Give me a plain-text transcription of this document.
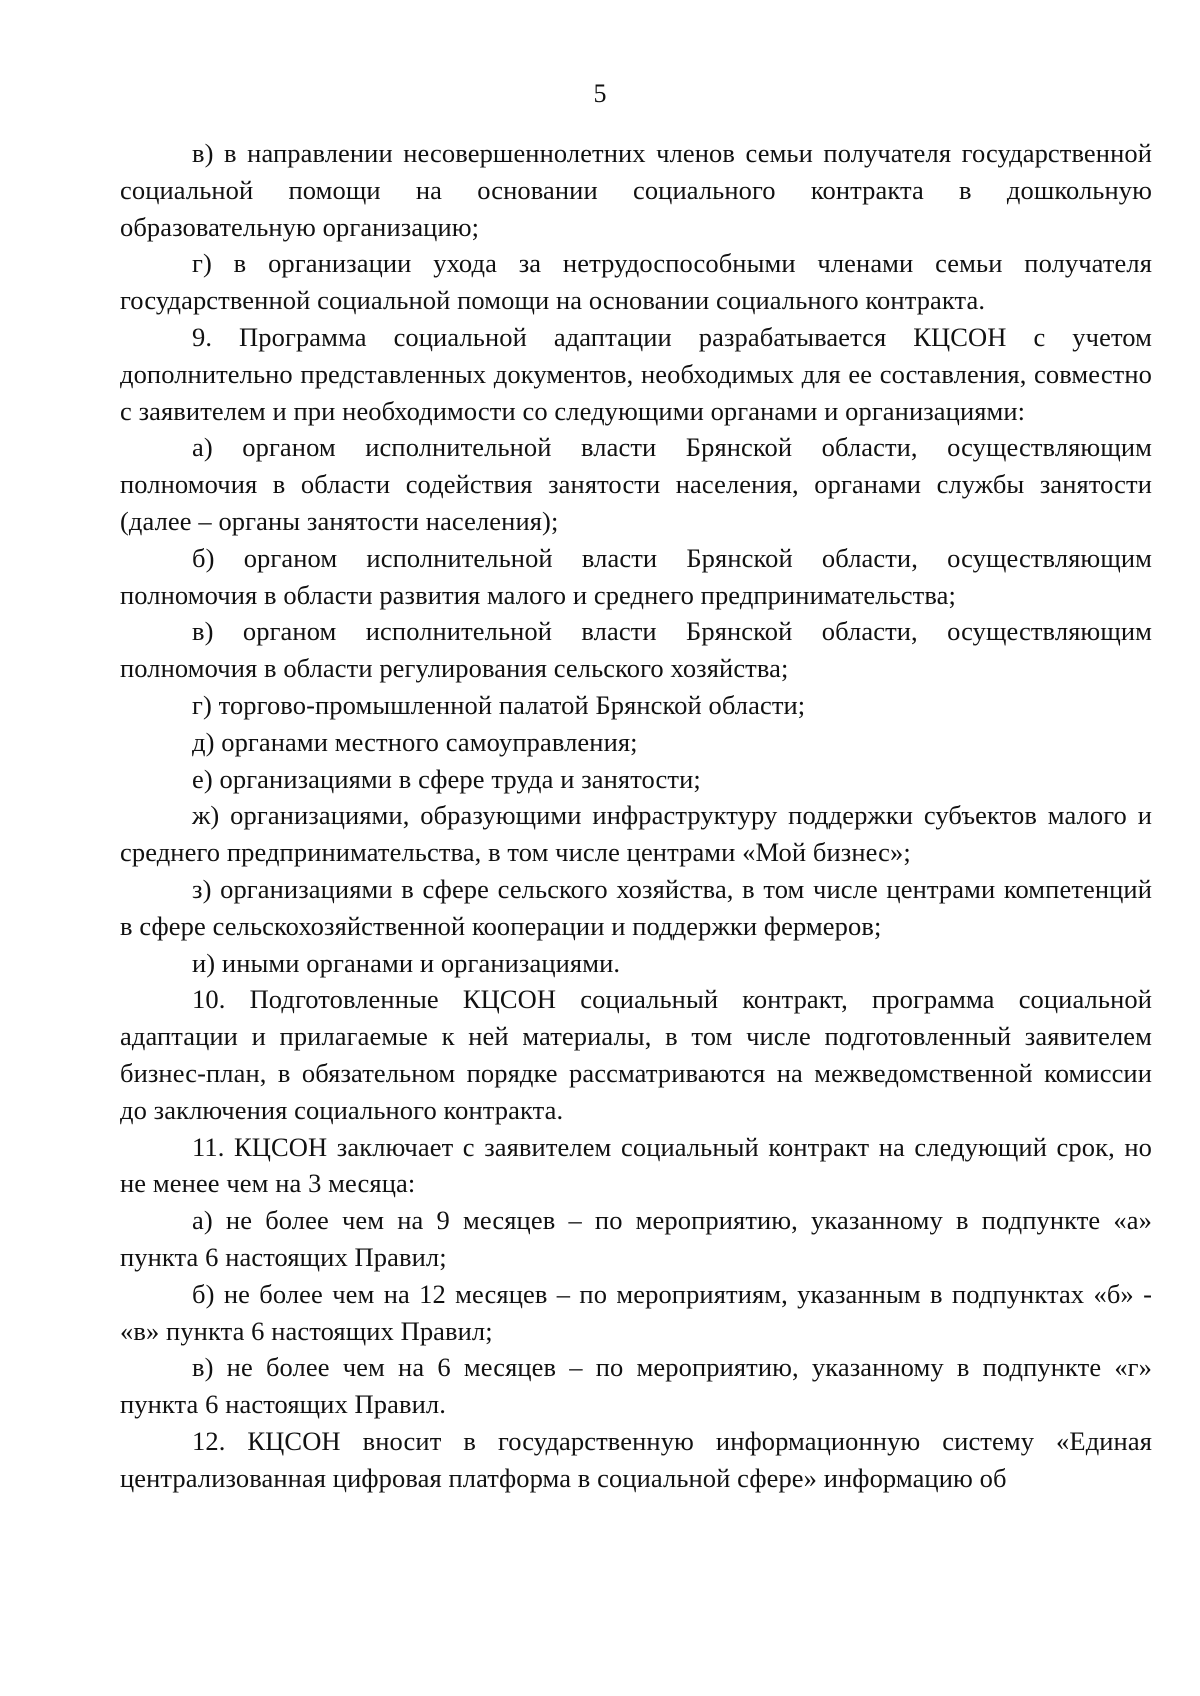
5

в) в направлении несовершеннолетних членов семьи получателя государственной социальной помощи на основании социального контракта в дошкольную образовательную организацию;

г) в организации ухода за нетрудоспособными членами семьи получателя государственной социальной помощи на основании социального контракта.

9. Программа социальной адаптации разрабатывается КЦСОН с учетом дополнительно представленных документов, необходимых для ее составления, совместно с заявителем и при необходимости со следующими органами и организациями:

а) органом исполнительной власти Брянской области, осуществляющим полномочия в области содействия занятости населения, органами службы занятости (далее – органы занятости населения);

б) органом исполнительной власти Брянской области, осуществляющим полномочия в области развития малого и среднего предпринимательства;

в) органом исполнительной власти Брянской области, осуществляющим полномочия в области регулирования сельского хозяйства;

г) торгово-промышленной палатой Брянской области;

д) органами местного самоуправления;

е) организациями в сфере труда и занятости;

ж) организациями, образующими инфраструктуру поддержки субъектов малого и среднего предпринимательства, в том числе центрами «Мой бизнес»;

з) организациями в сфере сельского хозяйства, в том числе центрами компетенций в сфере сельскохозяйственной кооперации и поддержки фермеров;

и) иными органами и организациями.

10. Подготовленные КЦСОН социальный контракт, программа социальной адаптации и прилагаемые к ней материалы, в том числе подготовленный заявителем бизнес-план, в обязательном порядке рассматриваются на межведомственной комиссии до заключения социального контракта.

11. КЦСОН заключает с заявителем социальный контракт на следующий срок, но не менее чем на 3 месяца:

а) не более чем на 9 месяцев – по мероприятию, указанному в подпункте «а» пункта 6 настоящих Правил;

б) не более чем на 12 месяцев – по мероприятиям, указанным в подпунктах «б» - «в» пункта 6 настоящих Правил;

в) не более чем на 6 месяцев – по мероприятию, указанному в подпункте «г» пункта 6 настоящих Правил.

12. КЦСОН вносит в государственную информационную систему «Единая централизованная цифровая платформа в социальной сфере» информацию об
